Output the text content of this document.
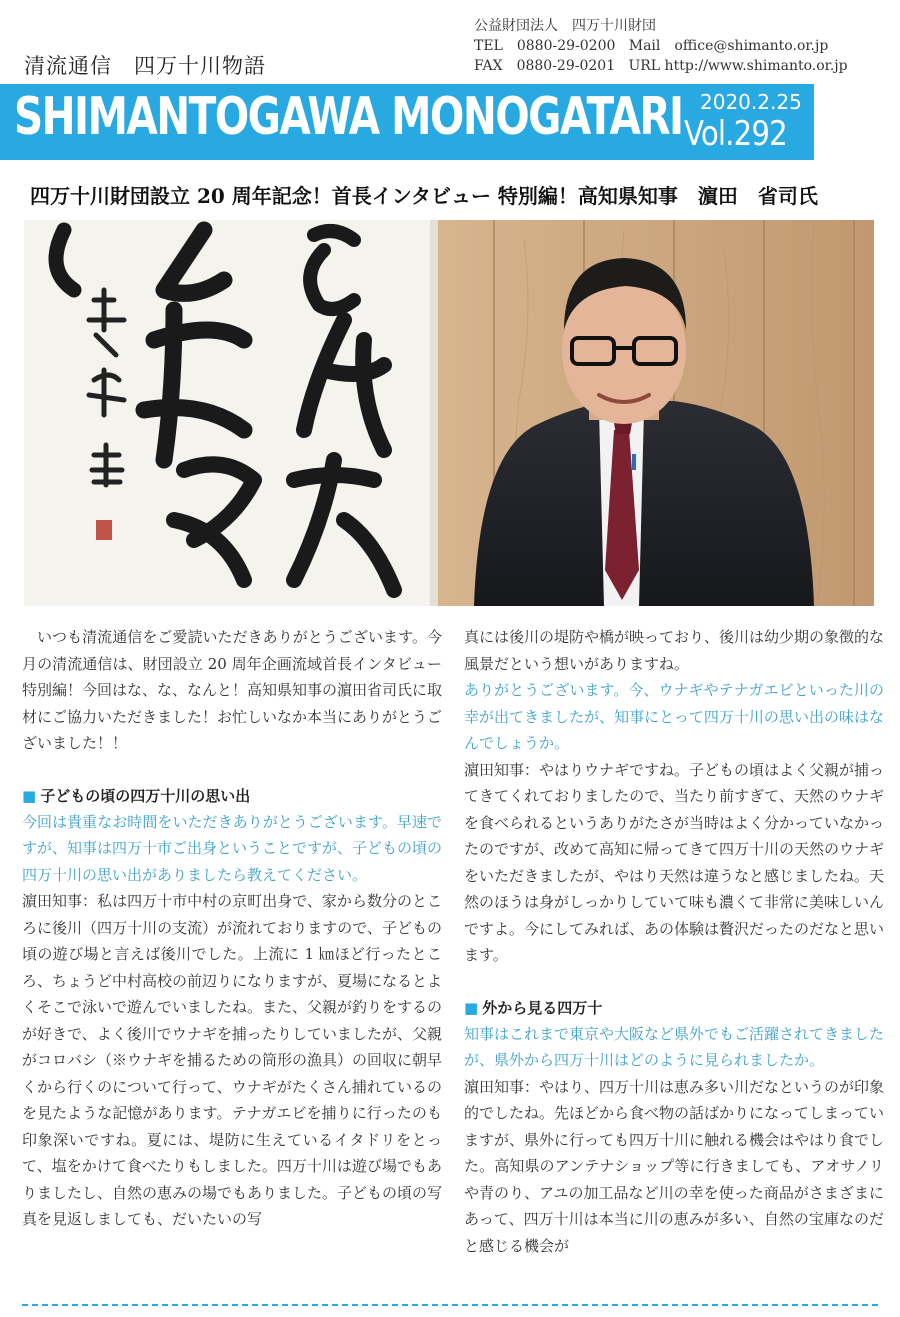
清流通信　四万十川物語
公益財団法人　四万十川財団
TEL　0880-29-0200 Mail　office@shimanto.or.jp
FAX　0880-29-0201 URL http://www.shimanto.or.jp
SHIMANTOGAWA MONOGATARI 2020.2.25
Vol.292
四万十川財団設立 20 周年記念！首長インタビュー 特別編！高知県知事　濵田　省司氏

いつも清流通信をご愛読いただきありがとうございます。今月の清流通信は、財団設立 20 周年企画流域首長インタビュー特別編！今回はな、な、なんと！高知県知事の濵田省司氏に取材にご協力いただきました！お忙しいなか本当にありがとうございました！！

■ 子どもの頃の四万十川の思い出

今回は貴重なお時間をいただきありがとうございます。早速ですが、知事は四万十市ご出身ということですが、子どもの頃の四万十川の思い出がありましたら教えてください。

濵田知事：私は四万十市中村の京町出身で、家から数分のところに後川（四万十川の支流）が流れておりますので、子どもの頃の遊び場と言えば後川でした。上流に 1 ㎞ほど行ったところ、ちょうど中村高校の前辺りになりますが、夏場になるとよくそこで泳いで遊んでいましたね。また、父親が釣りをするのが好きで、よく後川でウナギを捕ったりしていましたが、父親がコロバシ（※ウナギを捕るための筒形の漁具）の回収に朝早くから行くのについて行って、ウナギがたくさん捕れているのを見たような記憶があります。テナガエビを捕りに行ったのも印象深いですね。夏には、堤防に生えているイタドリをとって、塩をかけて食べたりもしました。四万十川は遊び場でもありましたし、自然の恵みの場でもありました。子どもの頃の写真を見返しましても、だいたいの写

真には後川の堤防や橋が映っており、後川は幼少期の象徴的な風景だという想いがありますね。

ありがとうございます。今、ウナギやテナガエビといった川の幸が出てきましたが、知事にとって四万十川の思い出の味はなんでしょうか。

濵田知事：やはりウナギですね。子どもの頃はよく父親が捕ってきてくれておりましたので、当たり前すぎて、天然のウナギを食べられるというありがたさが当時はよく分かっていなかったのですが、改めて高知に帰ってきて四万十川の天然のウナギをいただきましたが、やはり天然は違うなと感じましたね。天然のほうは身がしっかりしていて味も濃くて非常に美味しいんですよ。今にしてみれば、あの体験は贅沢だったのだなと思います。

■ 外から見る四万十

知事はこれまで東京や大阪など県外でもご活躍されてきましたが、県外から四万十川はどのように見られましたか。

濵田知事：やはり、四万十川は恵み多い川だなというのが印象的でしたね。先ほどから食べ物の話ばかりになってしまっていますが、県外に行っても四万十川に触れる機会はやはり食でした。高知県のアンテナショップ等に行きましても、アオサノリや青のり、アユの加工品など川の幸を使った商品がさまざまにあって、四万十川は本当に川の恵みが多い、自然の宝庫なのだと感じる機会が
